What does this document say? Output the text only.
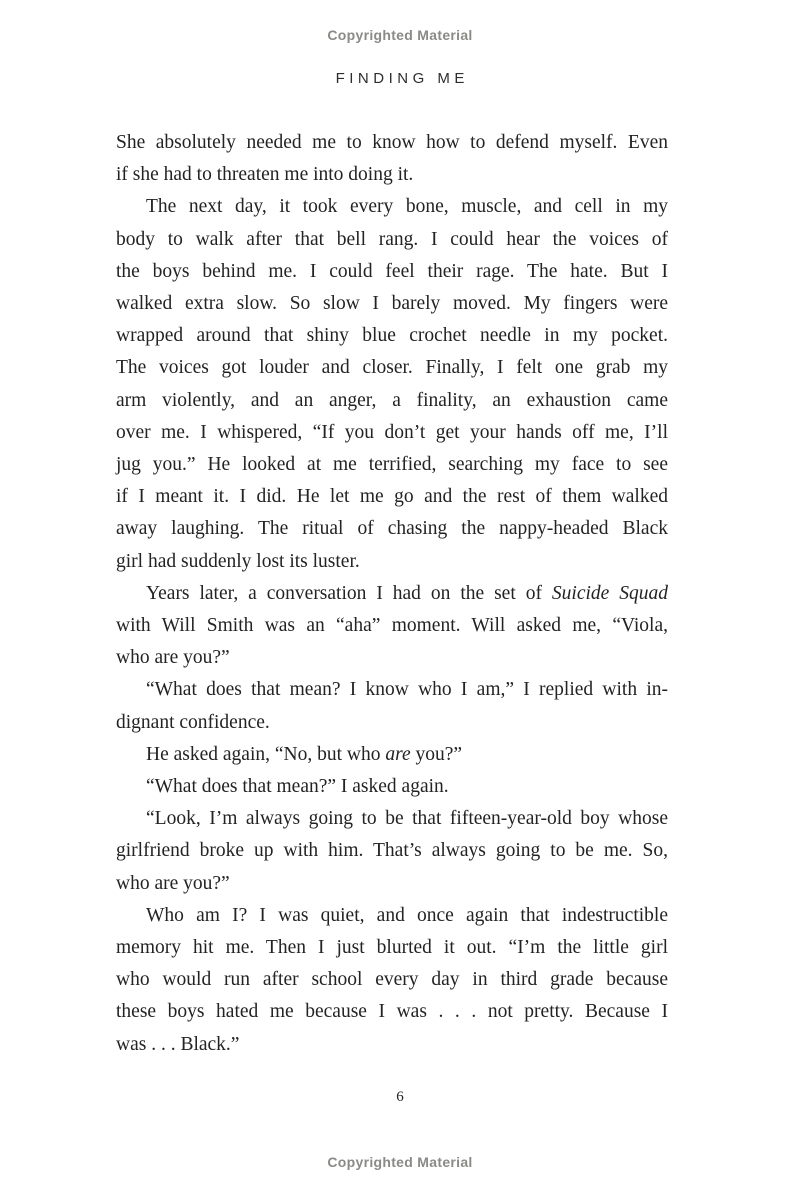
Copyrighted Material
FINDING ME
She absolutely needed me to know how to defend myself. Even
if she had to threaten me into doing it.
The next day, it took every bone, muscle, and cell in my
body to walk after that bell rang. I could hear the voices of
the boys behind me. I could feel their rage. The hate. But I
walked extra slow. So slow I barely moved. My fingers were
wrapped around that shiny blue crochet needle in my pocket.
The voices got louder and closer. Finally, I felt one grab my
arm violently, and an anger, a finality, an exhaustion came
over me. I whispered, “If you don’t get your hands off me, I’ll
jug you.” He looked at me terrified, searching my face to see
if I meant it. I did. He let me go and the rest of them walked
away laughing. The ritual of chasing the nappy-headed Black
girl had suddenly lost its luster.
Years later, a conversation I had on the set of Suicide Squad
with Will Smith was an “aha” moment. Will asked me, “Viola,
who are you?”
“What does that mean? I know who I am,” I replied with in-
dignant confidence.
He asked again, “No, but who are you?”
“What does that mean?” I asked again.
“Look, I’m always going to be that fifteen-year-old boy whose
girlfriend broke up with him. That’s always going to be me. So,
who are you?”
Who am I? I was quiet, and once again that indestructible
memory hit me. Then I just blurted it out. “I’m the little girl
who would run after school every day in third grade because
these boys hated me because I was . . . not pretty. Because I
was . . . Black.”
6
Copyrighted Material
